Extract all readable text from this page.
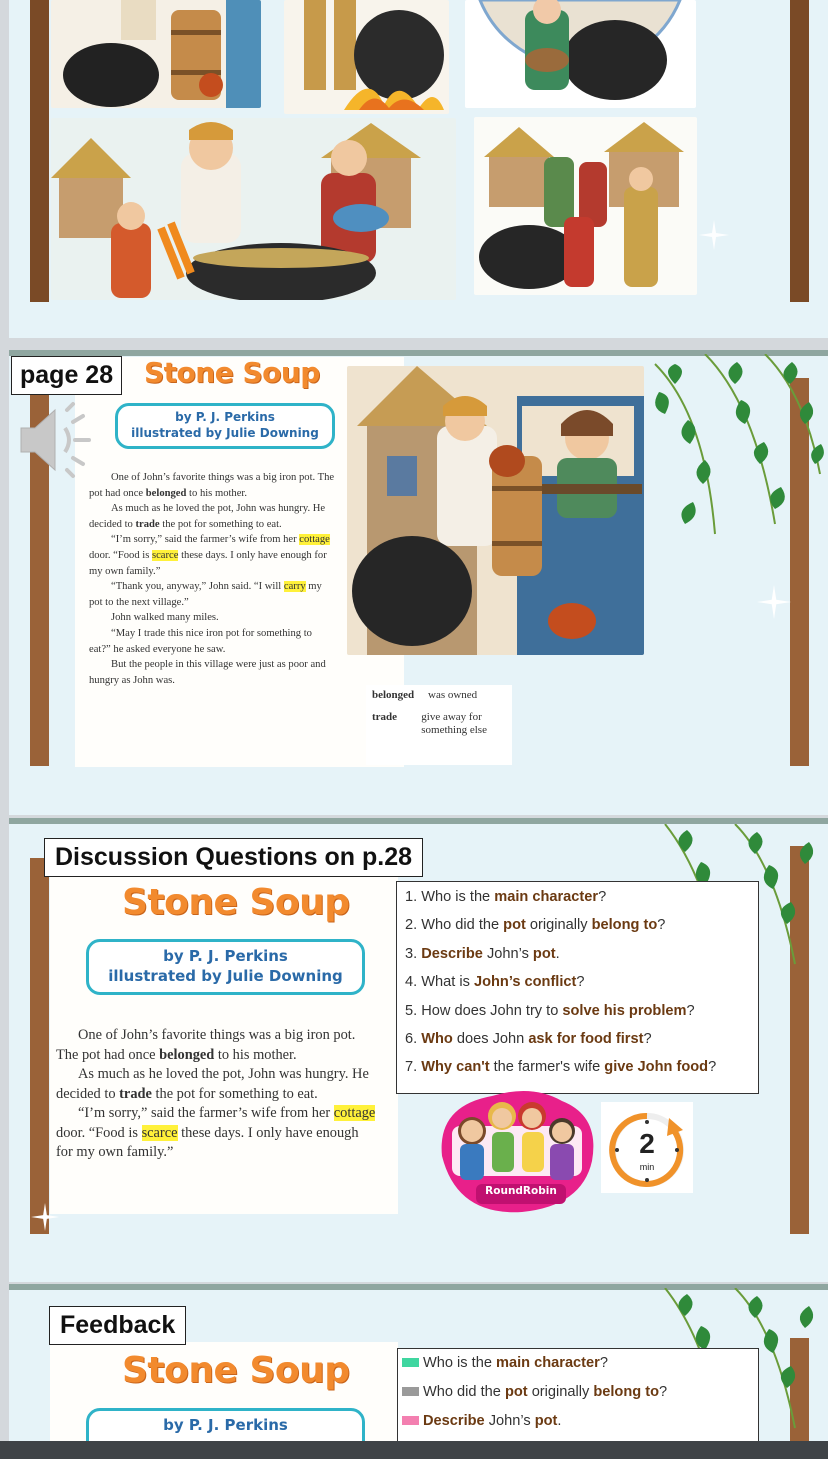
page 28	Stone Soup
by P. J. Perkins
illustrated by Julie Downing

One of John’s favorite things was a big iron pot. The pot had once belonged to his mother.

As much as he loved the pot, John was hungry. He decided to trade the pot for something to eat.

“I’m sorry,” said the farmer’s wife from her cottage door. “Food is scarce these days. I only have enough for my own family.”

“Thank you, anyway,” John said. “I will carry my pot to the next village.”

John walked many miles.

“May I trade this nice iron pot for something to eat?” he asked everyone he saw.

But the people in this village were just as poor and hungry as John was.

belonged	was owned
trade	give away for something else
Discussion Questions on p.28
Stone Soup
by P. J. Perkins
illustrated by Julie Downing

One of John’s favorite things was a big iron pot. The pot had once belonged to his mother.

As much as he loved the pot, John was hungry. He decided to trade the pot for something to eat.

“I’m sorry,” said the farmer’s wife from her cottage door. “Food is scarce these days. I only have enough for my own family.”

1. Who is the main character?
2. Who did the pot originally belong to?
3. Describe John’s pot.
4. What is John’s conflict?
5. How does John try to solve his problem?
6. Who does John ask for food first?
7. Why can't the farmer's wife give John food?
RoundRobin
2
min
Feedback
Stone Soup
by P. J. Perkins
Who is the main character?
Who did the pot originally belong to?
Describe John’s pot.
